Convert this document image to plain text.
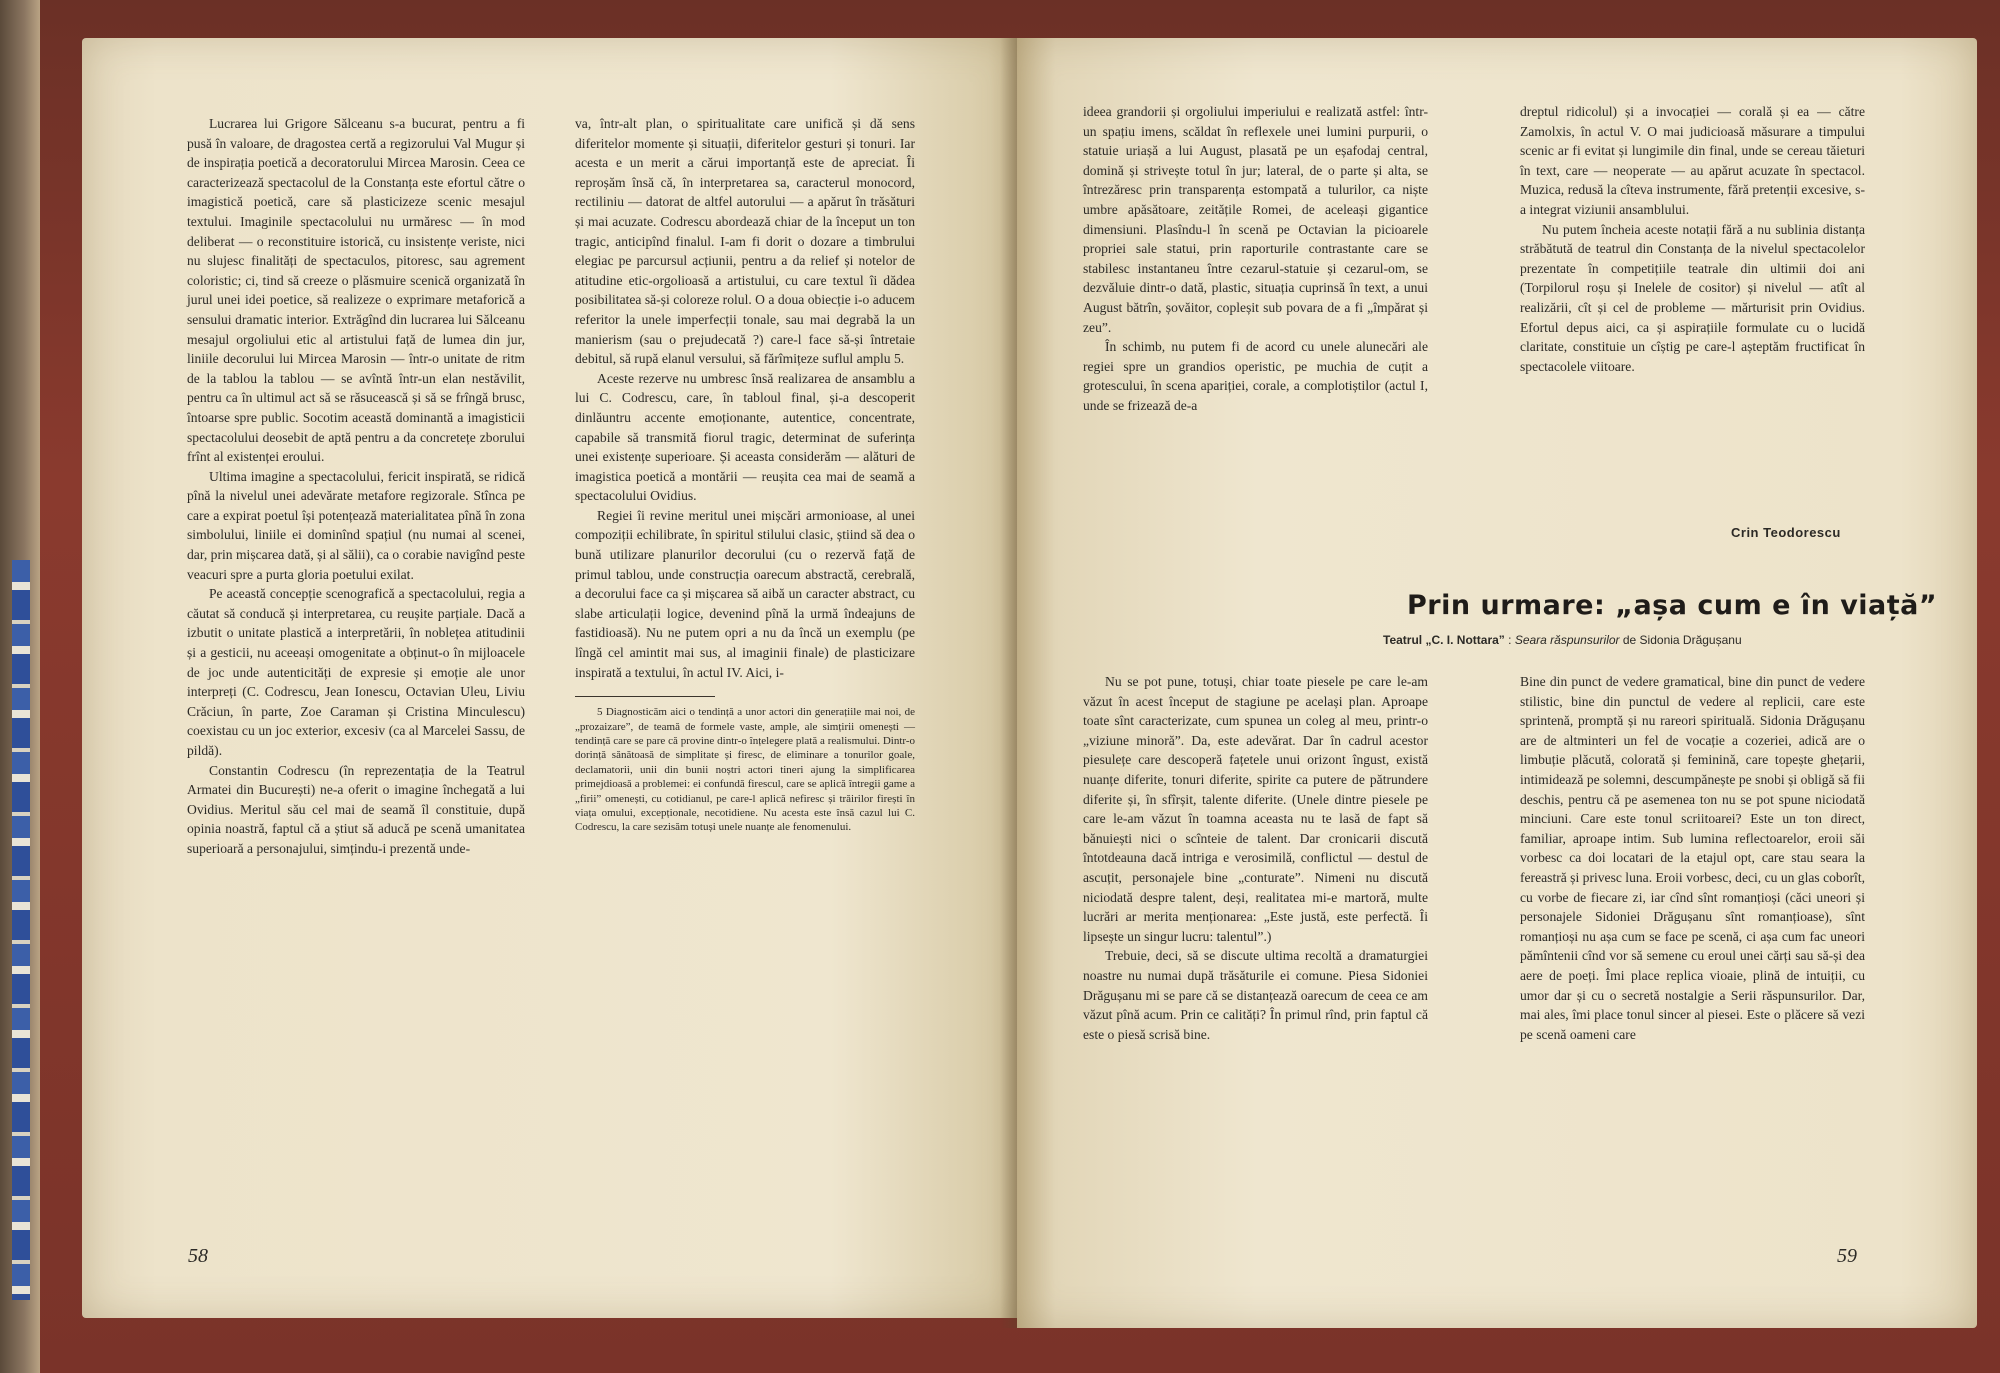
Lucrarea lui Grigore Sălceanu s-a bucurat, pentru a fi pusă în valoare, de dragostea certă a regizorului Val Mugur și de inspirația poetică a decoratorului Mircea Marosin. Ceea ce caracterizează spectacolul de la Constanța este efortul către o imagistică poetică, care să plasticizeze scenic mesajul textului. Imaginile spectacolului nu urmăresc — în mod deliberat — o reconstituire istorică, cu insistențe veriste, nici nu slujesc finalități de spectaculos, pitoresc, sau agrement coloristic; ci, tind să creeze o plăsmuire scenică organizată în jurul unei idei poetice, să realizeze o exprimare metaforică a sensului dramatic interior. Extrăgînd din lucrarea lui Sălceanu mesajul orgoliului etic al artistului față de lumea din jur, liniile decorului lui Mircea Marosin — într-o unitate de ritm de la tablou la tablou — se avîntă într-un elan nestăvilit, pentru ca în ultimul act să se răsucească și să se frîngă brusc, întoarse spre public. Socotim această dominantă a imagisticii spectacolului deosebit de aptă pentru a da concretețe zborului frînt al existenței eroului.

Ultima imagine a spectacolului, fericit inspirată, se ridică pînă la nivelul unei adevărate metafore regizorale. Stînca pe care a expirat poetul își potențează materialitatea pînă în zona simbolului, liniile ei dominînd spațiul (nu numai al scenei, dar, prin mișcarea dată, și al sălii), ca o corabie navigînd peste veacuri spre a purta gloria poetului exilat.

Pe această concepție scenografică a spectacolului, regia a căutat să conducă și interpretarea, cu reușite parțiale. Dacă a izbutit o unitate plastică a interpretării, în noblețea atitudinii și a gesticii, nu aceeași omogenitate a obținut-o în mijloacele de joc unde autenticități de expresie și emoție ale unor interpreți (C. Codrescu, Jean Ionescu, Octavian Uleu, Liviu Crăciun, în parte, Zoe Caraman și Cristina Minculescu) coexistau cu un joc exterior, excesiv (ca al Marcelei Sassu, de pildă).

Constantin Codrescu (în reprezentația de la Teatrul Armatei din București) ne-a oferit o imagine închegată a lui Ovidius. Meritul său cel mai de seamă îl constituie, după opinia noastră, faptul că a știut să aducă pe scenă umanitatea superioară a personajului, simțindu-i prezentă unde-

va, într-alt plan, o spiritualitate care unifică și dă sens diferitelor momente și situații, diferitelor gesturi și tonuri. Iar acesta e un merit a cărui importanță este de apreciat. Îi reproșăm însă că, în interpretarea sa, caracterul monocord, rectiliniu — datorat de altfel autorului — a apărut în trăsături și mai acuzate. Codrescu abordează chiar de la început un ton tragic, anticipînd finalul. I-am fi dorit o dozare a timbrului elegiac pe parcursul acțiunii, pentru a da relief și notelor de atitudine etic-orgolioasă a artistului, cu care textul îi dădea posibilitatea să-și coloreze rolul. O a doua obiecție i-o aducem referitor la unele imperfecții tonale, sau mai degrabă la un manierism (sau o prejudecată ?) care-l face să-și întretaie debitul, să rupă elanul versului, să fărîmițeze suflul amplu 5.

Aceste rezerve nu umbresc însă realizarea de ansamblu a lui C. Codrescu, care, în tabloul final, și-a descoperit dinlăuntru accente emoționante, autentice, concentrate, capabile să transmită fiorul tragic, determinat de suferința unei existențe superioare. Și aceasta considerăm — alături de imagistica poetică a montării — reușita cea mai de seamă a spectacolului Ovidius.

Regiei îi revine meritul unei mișcări armonioase, al unei compoziții echilibrate, în spiritul stilului clasic, știind să dea o bună utilizare planurilor decorului (cu o rezervă față de primul tablou, unde construcția oarecum abstractă, cerebrală, a decorului face ca și mișcarea să aibă un caracter abstract, cu slabe articulații logice, devenind pînă la urmă îndeajuns de fastidioasă). Nu ne putem opri a nu da încă un exemplu (pe lîngă cel amintit mai sus, al imaginii finale) de plasticizare inspirată a textului, în actul IV. Aici, i-

5 Diagnosticăm aici o tendință a unor actori din generațiile mai noi, de „prozaizare”, de teamă de formele vaste, ample, ale simțirii omenești — tendință care se pare că provine dintr-o înțelegere plată a realismului. Dintr-o dorință sănătoasă de simplitate și firesc, de eliminare a tonurilor goale, declamatorii, unii din bunii noștri actori tineri ajung la simplificarea primejdioasă a problemei: ei confundă firescul, care se aplică întregii game a „firii” omenești, cu cotidianul, pe care-l aplică nefiresc și trăirilor firești în viața omului, excepționale, necotidiene. Nu acesta este însă cazul lui C. Codrescu, la care sezisăm totuși unele nuanțe ale fenomenului.

58

ideea grandorii și orgoliului imperiului e realizată astfel: într-un spațiu imens, scăldat în reflexele unei lumini purpurii, o statuie uriașă a lui August, plasată pe un eșafodaj central, domină și strivește totul în jur; lateral, de o parte și alta, se întrezăresc prin transparența estompată a tulurilor, ca niște umbre apăsătoare, zeitățile Romei, de aceleași gigantice dimensiuni. Plasîndu-l în scenă pe Octavian la picioarele propriei sale statui, prin raporturile contrastante care se stabilesc instantaneu între cezarul-statuie și cezarul-om, se dezvăluie dintr-o dată, plastic, situația cuprinsă în text, a unui August bătrîn, șovăitor, copleșit sub povara de a fi „împărat și zeu”.

În schimb, nu putem fi de acord cu unele alunecări ale regiei spre un grandios operistic, pe muchia de cuțit a grotescului, în scena apariției, corale, a complotiștilor (actul I, unde se frizează de-a

dreptul ridicolul) și a invocației — corală și ea — către Zamolxis, în actul V. O mai judicioasă măsurare a timpului scenic ar fi evitat și lungimile din final, unde se cereau tăieturi în text, care — neoperate — au apărut acuzate în spectacol. Muzica, redusă la cîteva instrumente, fără pretenții excesive, s-a integrat viziunii ansamblului.

Nu putem încheia aceste notații fără a nu sublinia distanța străbătută de teatrul din Constanța de la nivelul spectacolelor prezentate în competițiile teatrale din ultimii doi ani (Torpilorul roșu și Inelele de cositor) și nivelul — atît al realizării, cît și cel de probleme — mărturisit prin Ovidius. Efortul depus aici, ca și aspirațiile formulate cu o lucidă claritate, constituie un cîștig pe care-l așteptăm fructificat în spectacolele viitoare.

Crin Teodorescu
Prin urmare: „așa cum e în viață”
Teatrul „C. I. Nottara” : Seara răspunsurilor de Sidonia Drăgușanu

Nu se pot pune, totuși, chiar toate piesele pe care le-am văzut în acest început de stagiune pe același plan. Aproape toate sînt caracterizate, cum spunea un coleg al meu, printr-o „viziune minoră”. Da, este adevărat. Dar în cadrul acestor piesulețe care descoperă fațetele unui orizont îngust, există nuanțe diferite, tonuri diferite, spirite ca putere de pătrundere diferite și, în sfîrșit, talente diferite. (Unele dintre piesele pe care le-am văzut în toamna aceasta nu te lasă de fapt să bănuiești nici o scînteie de talent. Dar cronicarii discută întotdeauna dacă intriga e verosimilă, conflictul — destul de ascuțit, personajele bine „conturate”. Nimeni nu discută niciodată despre talent, deși, realitatea mi-e martoră, multe lucrări ar merita menționarea: „Este justă, este perfectă. Îi lipsește un singur lucru: talentul”.)

Trebuie, deci, să se discute ultima recoltă a dramaturgiei noastre nu numai după trăsăturile ei comune. Piesa Sidoniei Drăgușanu mi se pare că se distanțează oarecum de ceea ce am văzut pînă acum. Prin ce calități? În primul rînd, prin faptul că este o piesă scrisă bine.

Bine din punct de vedere gramatical, bine din punct de vedere stilistic, bine din punctul de vedere al replicii, care este sprintenă, promptă și nu rareori spirituală. Sidonia Drăgușanu are de altminteri un fel de vocație a cozeriei, adică are o limbuție plăcută, colorată și feminină, care topește ghețarii, intimidează pe solemni, descumpănește pe snobi și obligă să fii deschis, pentru că pe asemenea ton nu se pot spune niciodată minciuni. Care este tonul scriitoarei? Este un ton direct, familiar, aproape intim. Sub lumina reflectoarelor, eroii săi vorbesc ca doi locatari de la etajul opt, care stau seara la fereastră și privesc luna. Eroii vorbesc, deci, cu un glas coborît, cu vorbe de fiecare zi, iar cînd sînt romanțioși (căci uneori și personajele Sidoniei Drăgușanu sînt romanțioase), sînt romanțioși nu așa cum se face pe scenă, ci așa cum fac uneori pămîntenii cînd vor să semene cu eroul unei cărți sau să-și dea aere de poeți. Îmi place replica vioaie, plină de intuiții, cu umor dar și cu o secretă nostalgie a Serii răspunsurilor. Dar, mai ales, îmi place tonul sincer al piesei. Este o plăcere să vezi pe scenă oameni care

59
